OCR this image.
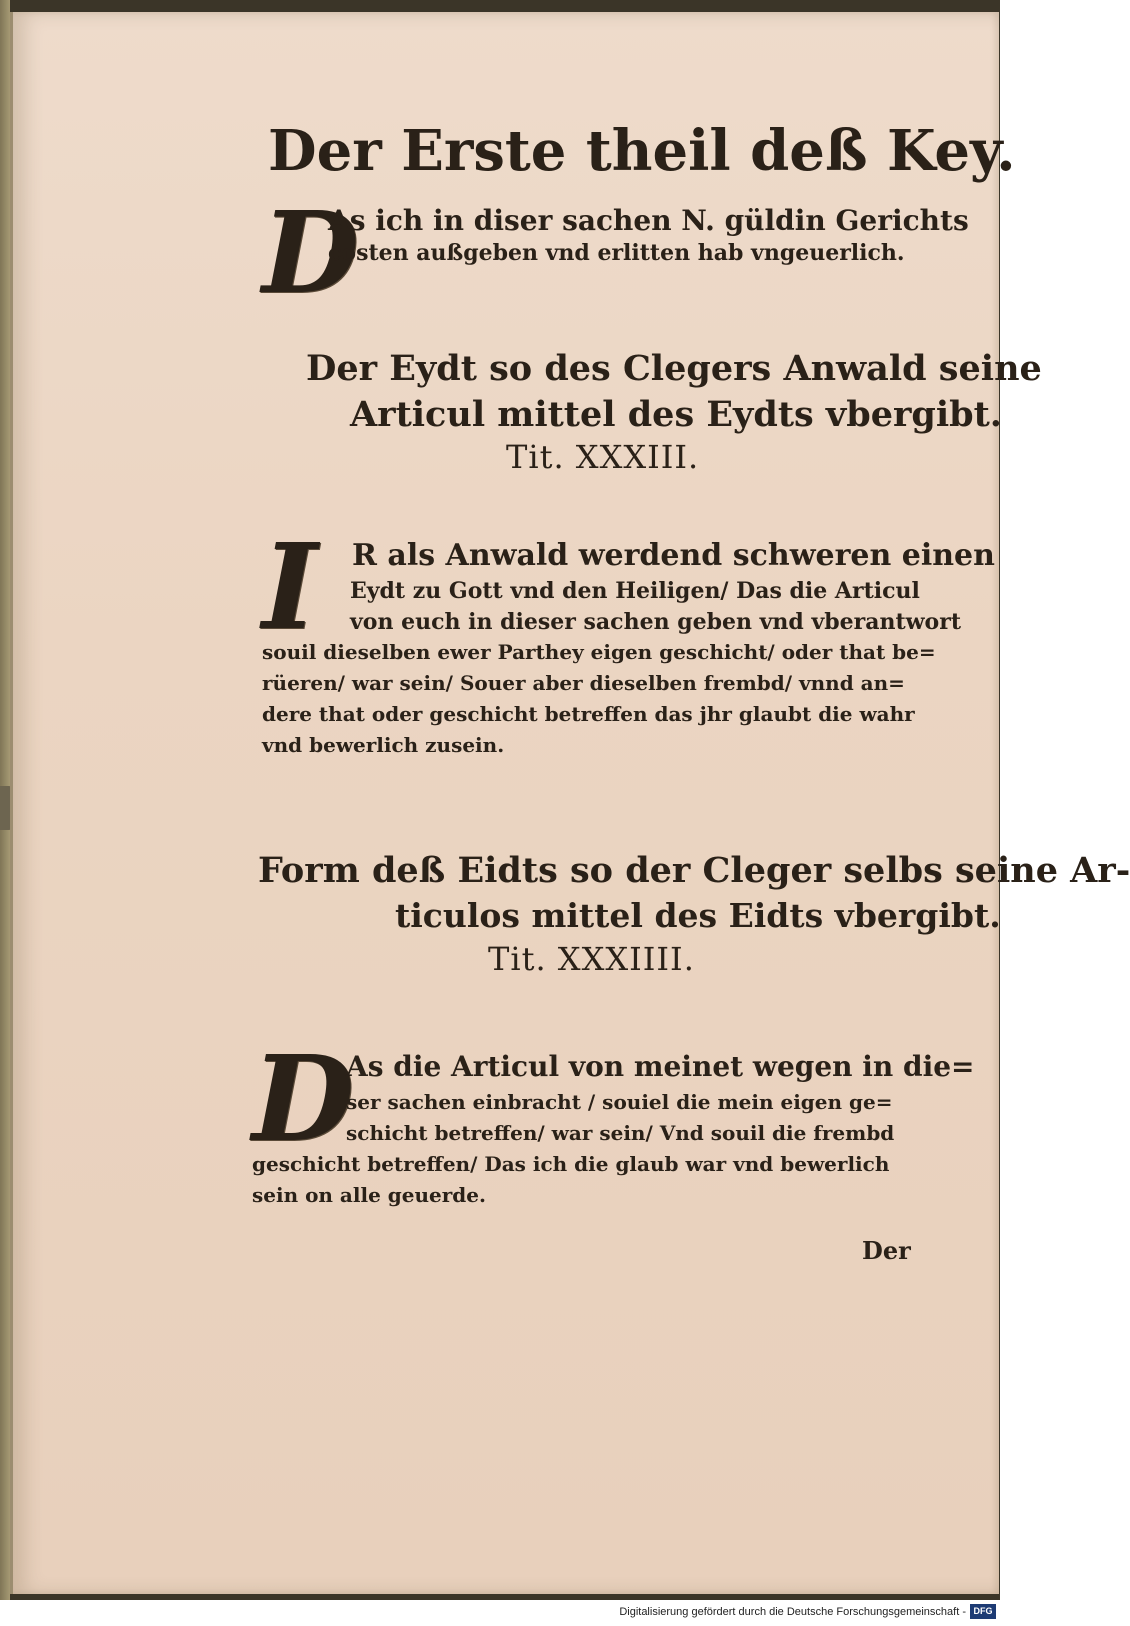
Der Erste theil deß Key.
D

As ich in diser sachen N. güldin Gerichts

costen außgeben vnd erlitten hab vngeuerlich.

Der Eydt so des Clegers Anwald seine

Articul mittel des Eydts vbergibt.

Tit. XXXIII.

I R als Anwald werdend schweren einen

Eydt zu Gott vnd den Heiligen/ Das die Articul

von euch in dieser sachen geben vnd vberantwort

souil dieselben ewer Parthey eigen geschicht/ oder that be=

rüeren/ war sein/ Souer aber dieselben frembd/ vnnd an=

dere that oder geschicht betreffen das jhr glaubt die wahr

vnd bewerlich zusein.

Form deß Eidts so der Cleger selbs seine Ar-

ticulos mittel des Eidts vbergibt.

Tit. XXXIIII.

D

As die Articul von meinet wegen in die=

ser sachen einbracht / souiel die mein eigen ge=

schicht betreffen/ war sein/ Vnd souil die frembd

geschicht betreffen/ Das ich die glaub war vnd bewerlich

sein on alle geuerde.

Der

Digitalisierung gefördert durch die Deutsche Forschungsgemeinschaft - DFG
